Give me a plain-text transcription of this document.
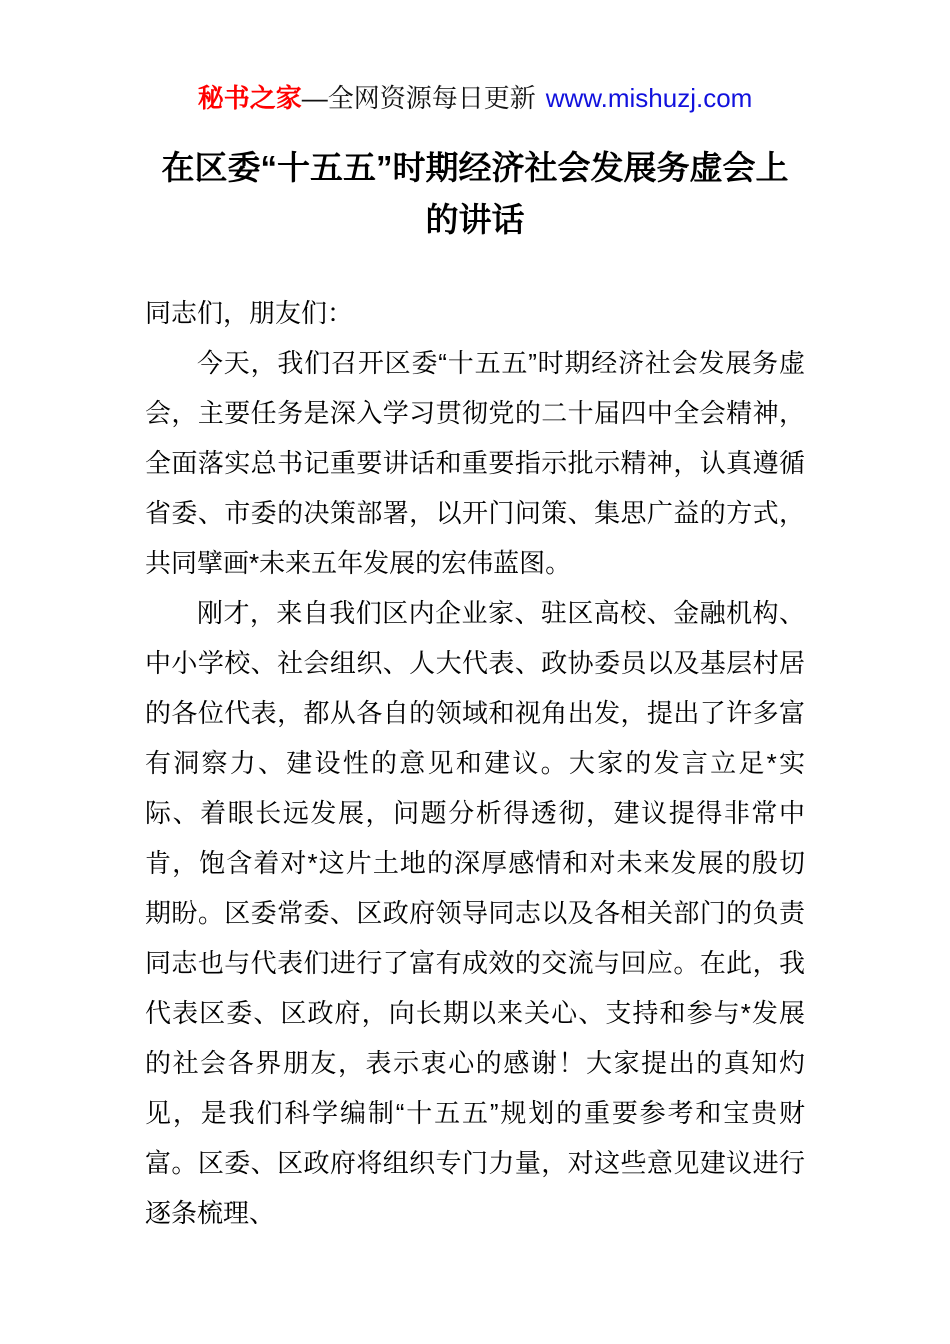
秘书之家—全网资源每日更新 www.mishuzj.com
在区委“十五五”时期经济社会发展务虚会上
的讲话

同志们，朋友们：

今天，我们召开区委“十五五”时期经济社会发展务虚会，主要任务是深入学习贯彻党的二十届四中全会精神，全面落实总书记重要讲话和重要指示批示精神，认真遵循省委、市委的决策部署，以开门问策、集思广益的方式，共同擘画*未来五年发展的宏伟蓝图。

刚才，来自我们区内企业家、驻区高校、金融机构、中小学校、社会组织、人大代表、政协委员以及基层村居的各位代表，都从各自的领域和视角出发，提出了许多富有洞察力、建设性的意见和建议。大家的发言立足*实际、着眼长远发展，问题分析得透彻，建议提得非常中肯，饱含着对*这片土地的深厚感情和对未来发展的殷切期盼。区委常委、区政府领导同志以及各相关部门的负责同志也与代表们进行了富有成效的交流与回应。在此，我代表区委、区政府，向长期以来关心、支持和参与*发展的社会各界朋友，表示衷心的感谢！大家提出的真知灼见，是我们科学编制“十五五”规划的重要参考和宝贵财富。区委、区政府将组织专门力量，对这些意见建议进行逐条梳理、
